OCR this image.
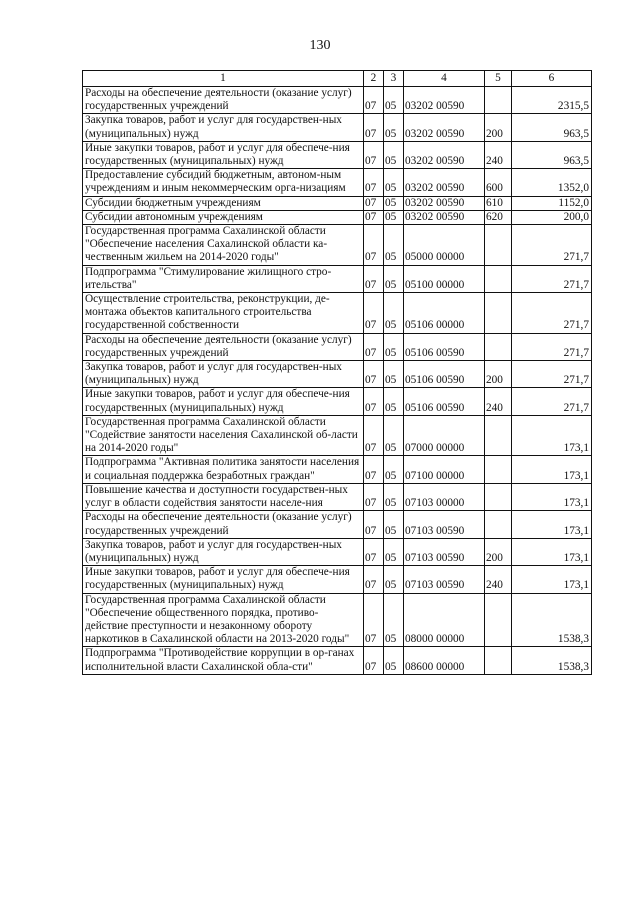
130
1	2	3	4	5	6
Расходы на обеспечение деятельности (оказание услуг) государственных учреждений	07	05	03202 00590		2315,5
Закупка товаров, работ и услуг для государствен-ных (муниципальных) нужд	07	05	03202 00590	200	963,5
Иные закупки товаров, работ и услуг для обеспече-ния государственных (муниципальных) нужд	07	05	03202 00590	240	963,5
Предоставление субсидий бюджетным, автоном-ным учреждениям и иным некоммерческим орга-низациям	07	05	03202 00590	600	1352,0
Субсидии бюджетным учреждениям	07	05	03202 00590	610	1152,0
Субсидии автономным учреждениям	07	05	03202 00590	620	200,0
Государственная программа Сахалинской области "Обеспечение населения Сахалинской области ка-чественным жильем на 2014-2020 годы"	07	05	05000 00000		271,7
Подпрограмма "Стимулирование жилищного стро-ительства"	07	05	05100 00000		271,7
Осуществление строительства, реконструкции, де-монтажа объектов капитального строительства государственной собственности	07	05	05106 00000		271,7
Расходы на обеспечение деятельности (оказание услуг) государственных учреждений	07	05	05106 00590		271,7
Закупка товаров, работ и услуг для государствен-ных (муниципальных) нужд	07	05	05106 00590	200	271,7
Иные закупки товаров, работ и услуг для обеспече-ния государственных (муниципальных) нужд	07	05	05106 00590	240	271,7
Государственная программа Сахалинской области "Содействие занятости населения Сахалинской об-ласти на 2014-2020 годы"	07	05	07000 00000		173,1
Подпрограмма "Активная политика занятости населения и социальная поддержка безработных граждан"	07	05	07100 00000		173,1
Повышение качества и доступности государствен-ных услуг в области содействия занятости населе-ния	07	05	07103 00000		173,1
Расходы на обеспечение деятельности (оказание услуг) государственных учреждений	07	05	07103 00590		173,1
Закупка товаров, работ и услуг для государствен-ных (муниципальных) нужд	07	05	07103 00590	200	173,1
Иные закупки товаров, работ и услуг для обеспече-ния государственных (муниципальных) нужд	07	05	07103 00590	240	173,1
Государственная программа Сахалинской области "Обеспечение общественного порядка, противо-действие преступности и незаконному обороту наркотиков в Сахалинской области на 2013-2020 годы"	07	05	08000 00000		1538,3
Подпрограмма "Противодействие коррупции в ор-ганах исполнительной власти Сахалинской обла-сти"	07	05	08600 00000		1538,3
